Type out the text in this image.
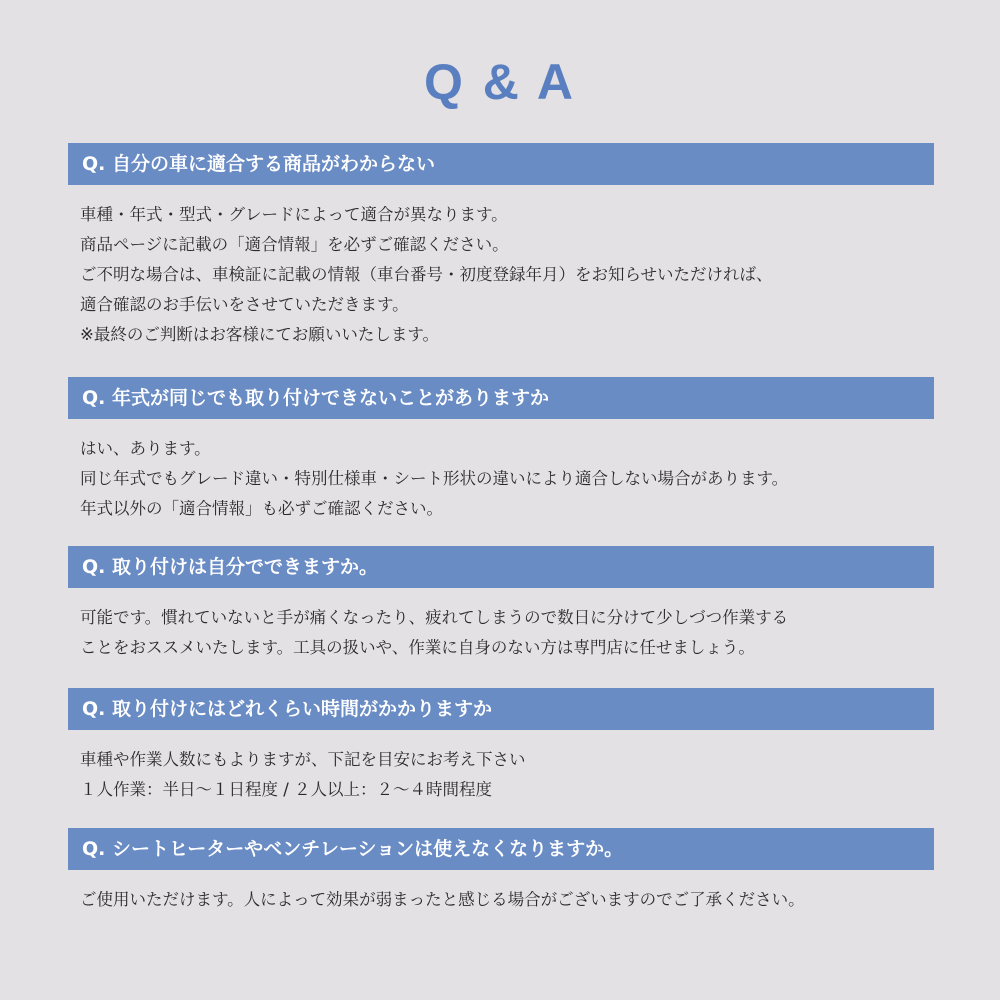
Q & A
Q. 自分の車に適合する商品がわからない
車種・年式・型式・グレードによって適合が異なります。
商品ページに記載の「適合情報」を必ずご確認ください。
ご不明な場合は、車検証に記載の情報（車台番号・初度登録年月）をお知らせいただければ、
適合確認のお手伝いをさせていただきます。
※最終のご判断はお客様にてお願いいたします。
Q. 年式が同じでも取り付けできないことがありますか
はい、あります。
同じ年式でもグレード違い・特別仕様車・シート形状の違いにより適合しない場合があります。
年式以外の「適合情報」も必ずご確認ください。
Q. 取り付けは自分でできますか。
可能です。慣れていないと手が痛くなったり、疲れてしまうので数日に分けて少しづつ作業する
ことをおススメいたします。工具の扱いや、作業に自身のない方は専門店に任せましょう。
Q. 取り付けにはどれくらい時間がかかりますか
車種や作業人数にもよりますが、下記を目安にお考え下さい
１人作業：半日〜１日程度 / ２人以上：２〜４時間程度
Q. シートヒーターやベンチレーションは使えなくなりますか。
ご使用いただけます。人によって効果が弱まったと感じる場合がございますのでご了承ください。
